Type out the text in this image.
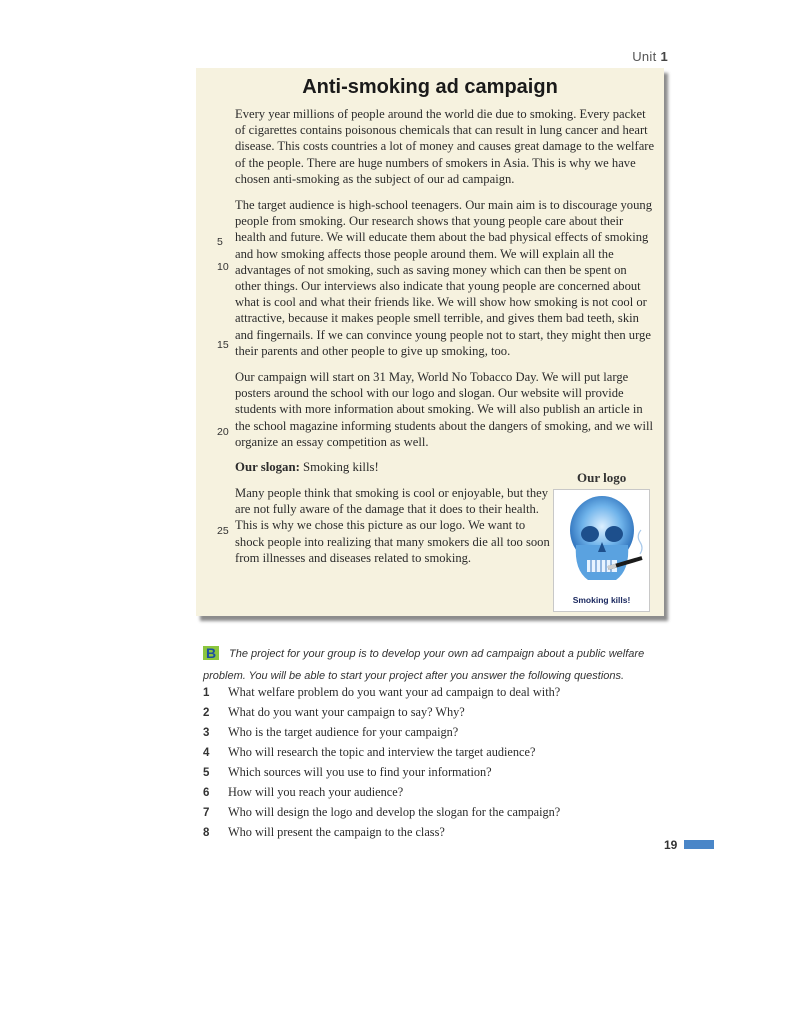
Unit 1
Anti-smoking ad campaign
5
10
15
20
25

Every year millions of people around the world die due to smoking. Every packet of cigarettes contains poisonous chemicals that can result in lung cancer and heart disease. This costs countries a lot of money and causes great damage to the welfare of the people. There are huge numbers of smokers in Asia. This is why we have chosen anti-smoking as the subject of our ad campaign.

The target audience is high-school teenagers. Our main aim is to discourage young people from smoking. Our research shows that young people care about their health and future. We will educate them about the bad physical effects of smoking and how smoking affects those people around them. We will explain all the advantages of not smoking, such as saving money which can then be spent on other things. Our interviews also indicate that young people are concerned about what is cool and what their friends like. We will show how smoking is not cool or attractive, because it makes people smell terrible, and gives them bad teeth, skin and fingernails. If we can convince young people not to start, they might then urge their parents and other people to give up smoking, too.

Our campaign will start on 31 May, World No Tobacco Day. We will put large posters around the school with our logo and slogan. Our website will provide students with more information about smoking. We will also publish an article in the school magazine informing students about the dangers of smoking, and we will organize an essay competition as well.

Our slogan: Smoking kills!

Many people think that smoking is cool or enjoyable, but they are not fully aware of the damage that it does to their health. This is why we chose this picture as our logo. We want to shock people into realizing that many smokers die all too soon from illnesses and diseases related to smoking.

Our logo
Smoking kills!
B The project for your group is to develop your own ad campaign about a public welfare problem. You will be able to start your project after you answer the following questions.
1 What welfare problem do you want your ad campaign to deal with?
2 What do you want your campaign to say? Why?
3 Who is the target audience for your campaign?
4 Who will research the topic and interview the target audience?
5 Which sources will you use to find your information?
6 How will you reach your audience?
7 Who will design the logo and develop the slogan for the campaign?
8 Who will present the campaign to the class?
19
